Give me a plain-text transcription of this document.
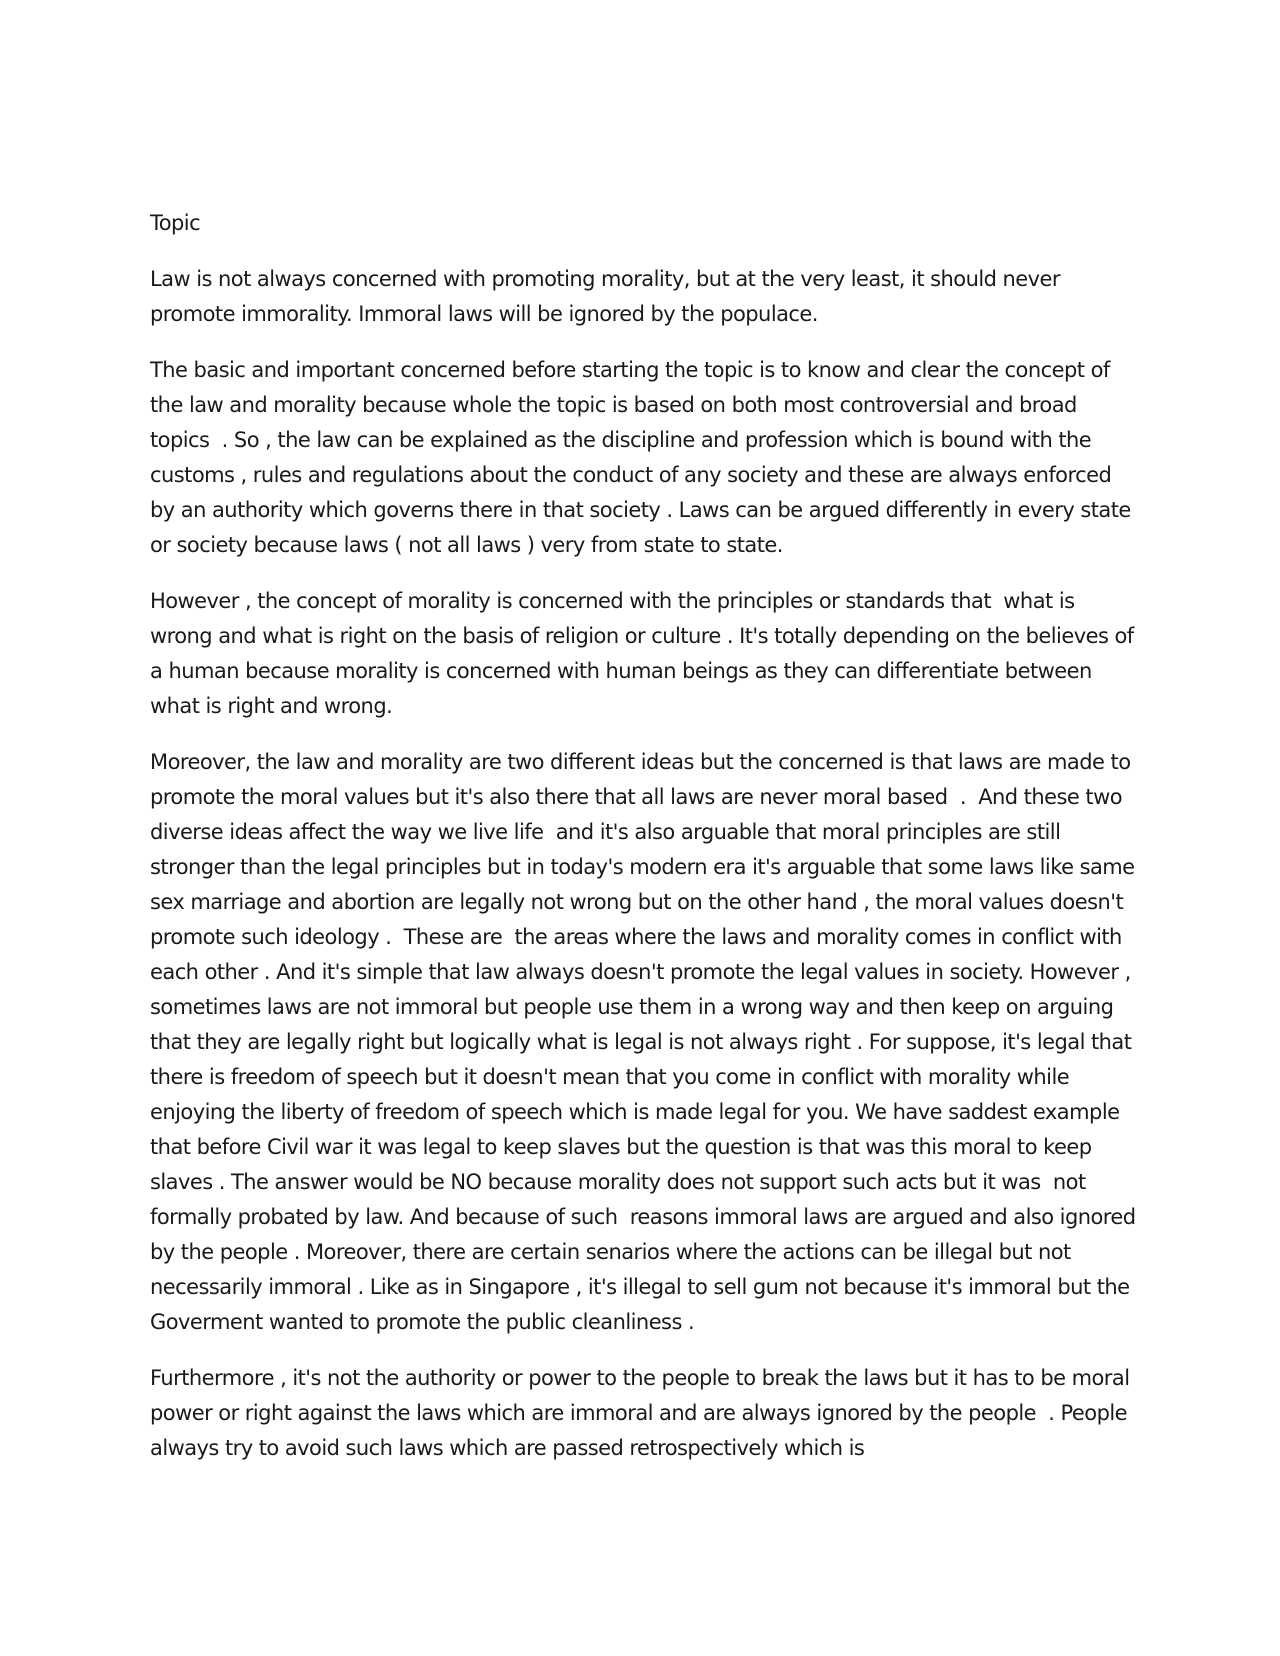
Topic

Law is not always concerned with promoting morality, but at the very least, it should never promote immorality. Immoral laws will be ignored by the populace.

The basic and important concerned before starting the topic is to know and clear the concept of the law and morality because whole the topic is based on both most controversial and broad topics  . So , the law can be explained as the discipline and profession which is bound with the customs , rules and regulations about the conduct of any society and these are always enforced by an authority which governs there in that society . Laws can be argued differently in every state or society because laws ( not all laws ) very from state to state.

However , the concept of morality is concerned with the principles or standards that  what is wrong and what is right on the basis of religion or culture . It's totally depending on the believes of a human because morality is concerned with human beings as they can differentiate between what is right and wrong.

Moreover, the law and morality are two different ideas but the concerned is that laws are made to promote the moral values but it's also there that all laws are never moral based  .  And these two diverse ideas affect the way we live life  and it's also arguable that moral principles are still stronger than the legal principles but in today's modern era it's arguable that some laws like same sex marriage and abortion are legally not wrong but on the other hand , the moral values doesn't promote such ideology .  These are  the areas where the laws and morality comes in conflict with each other . And it's simple that law always doesn't promote the legal values in society. However , sometimes laws are not immoral but people use them in a wrong way and then keep on arguing that they are legally right but logically what is legal is not always right . For suppose, it's legal that there is freedom of speech but it doesn't mean that you come in conflict with morality while enjoying the liberty of freedom of speech which is made legal for you. We have saddest example that before Civil war it was legal to keep slaves but the question is that was this moral to keep slaves . The answer would be NO because morality does not support such acts but it was  not formally probated by law. And because of such  reasons immoral laws are argued and also ignored by the people . Moreover, there are certain senarios where the actions can be illegal but not necessarily immoral . Like as in Singapore , it's illegal to sell gum not because it's immoral but the Goverment wanted to promote the public cleanliness .

Furthermore , it's not the authority or power to the people to break the laws but it has to be moral power or right against the laws which are immoral and are always ignored by the people  . People always try to avoid such laws which are passed retrospectively which is
